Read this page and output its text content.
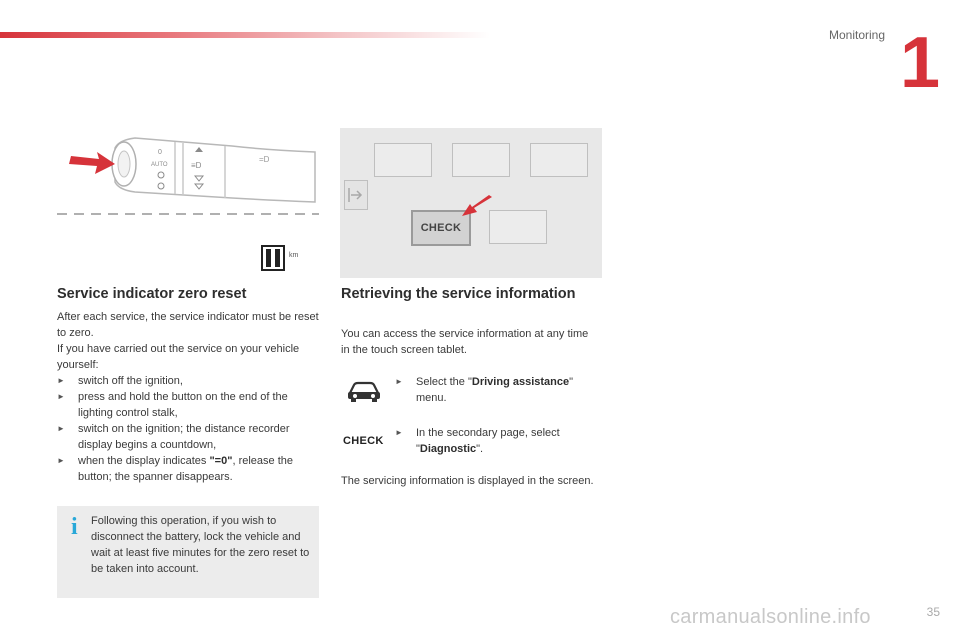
Monitoring 1
0
AUTO	≡D
=D
km
CHECK
Service indicator zero reset
After each service, the service indicator must be reset to zero.
If you have carried out the service on your vehicle yourself:
► switch off the ignition,
► press and hold the button on the end of the lighting control stalk,
► switch on the ignition; the distance recorder display begins a countdown,
► when the display indicates "=0", release the button; the spanner disappears.
i	Following this operation, if you wish to disconnect the battery, lock the vehicle and wait at least five minutes for the zero reset to be taken into account.
Retrieving the service information
You can access the service information at any time in the touch screen tablet.
► Select the "Driving assistance" menu.
CHECK
► In the secondary page, select "Diagnostic".
The servicing information is displayed in the screen.
carmanualsonline.info	35
